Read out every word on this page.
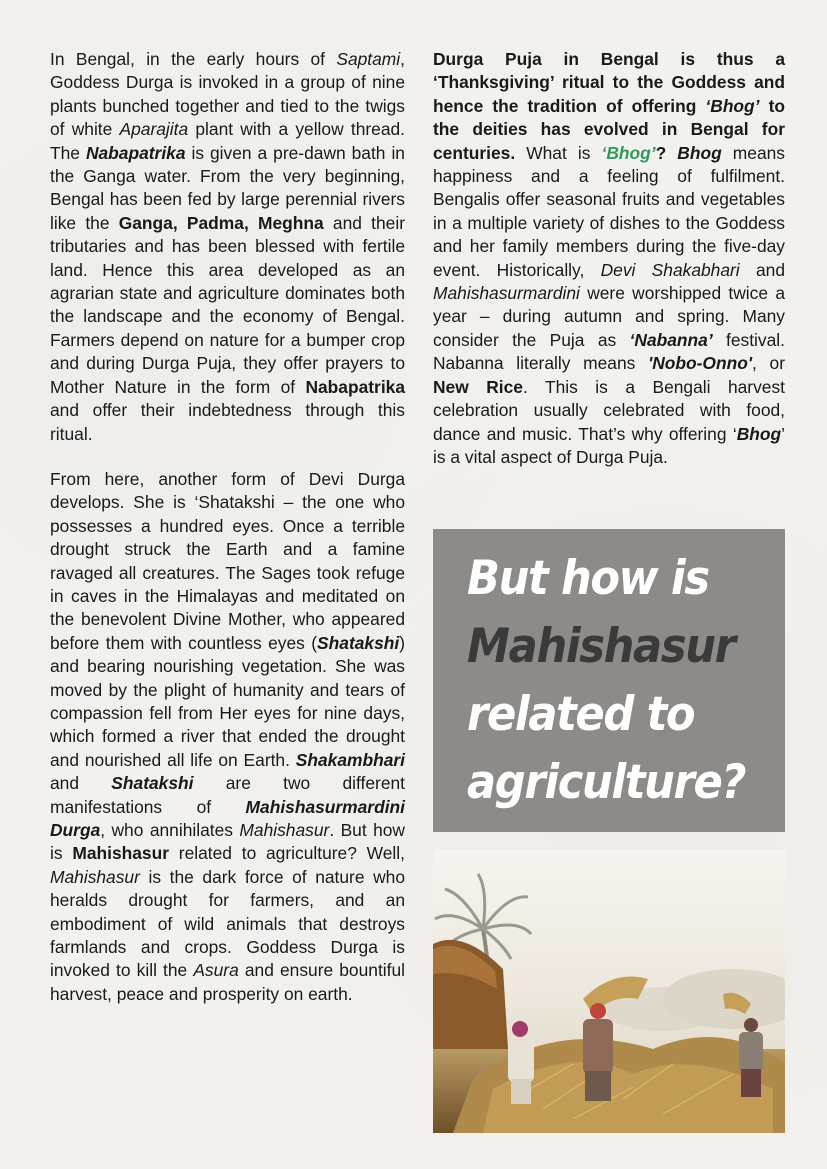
In Bengal, in the early hours of Saptami, Goddess Durga is invoked in a group of nine plants bunched together and tied to the twigs of white Aparajita plant with a yellow thread. The Nabapatrika is given a pre-dawn bath in the Ganga water. From the very beginning, Bengal has been fed by large perennial rivers like the Ganga, Padma, Meghna and their tributaries and has been blessed with fertile land. Hence this area developed as an agrarian state and agriculture dominates both the landscape and the economy of Bengal. Farmers depend on nature for a bumper crop and during Durga Puja, they offer prayers to Mother Nature in the form of Nabapatrika and offer their indebtedness through this ritual.

From here, another form of Devi Durga develops. She is ‘Shatakshi – the one who possesses a hundred eyes. Once a terrible drought struck the Earth and a famine ravaged all creatures. The Sages took refuge in caves in the Himalayas and meditated on the benevolent Divine Mother, who appeared before them with countless eyes (Shatakshi) and bearing nourishing vegetation. She was moved by the plight of humanity and tears of compassion fell from Her eyes for nine days, which formed a river that ended the drought and nourished all life on Earth. Shakambhari and Shatakshi are two different manifestations of Mahishasurmardini Durga, who annihilates Mahishasur. But how is Mahishasur related to agriculture? Well, Mahishasur is the dark force of nature who heralds drought for farmers, and an embodiment of wild animals that destroys farmlands and crops. Goddess Durga is invoked to kill the Asura and ensure bountiful harvest, peace and prosperity on earth.

Durga Puja in Bengal is thus a ‘Thanksgiving’ ritual to the Goddess and hence the tradition of offering ‘Bhog’ to the deities has evolved in Bengal for centuries. What is ‘Bhog’? Bhog means happiness and a feeling of fulfilment. Bengalis offer seasonal fruits and vegetables in a multiple variety of dishes to the Goddess and her family members during the five-day event. Historically, Devi Shakabhari and Mahishasurmardini were worshipped twice a year – during autumn and spring. Many consider the Puja as ‘Nabanna’ festival. Nabanna literally means 'Nobo-Onno', or New Rice. This is a Bengali harvest celebration usually celebrated with food, dance and music. That’s why offering ‘Bhog’ is a vital aspect of Durga Puja.

But how is
Mahishasur
related to
agriculture?
